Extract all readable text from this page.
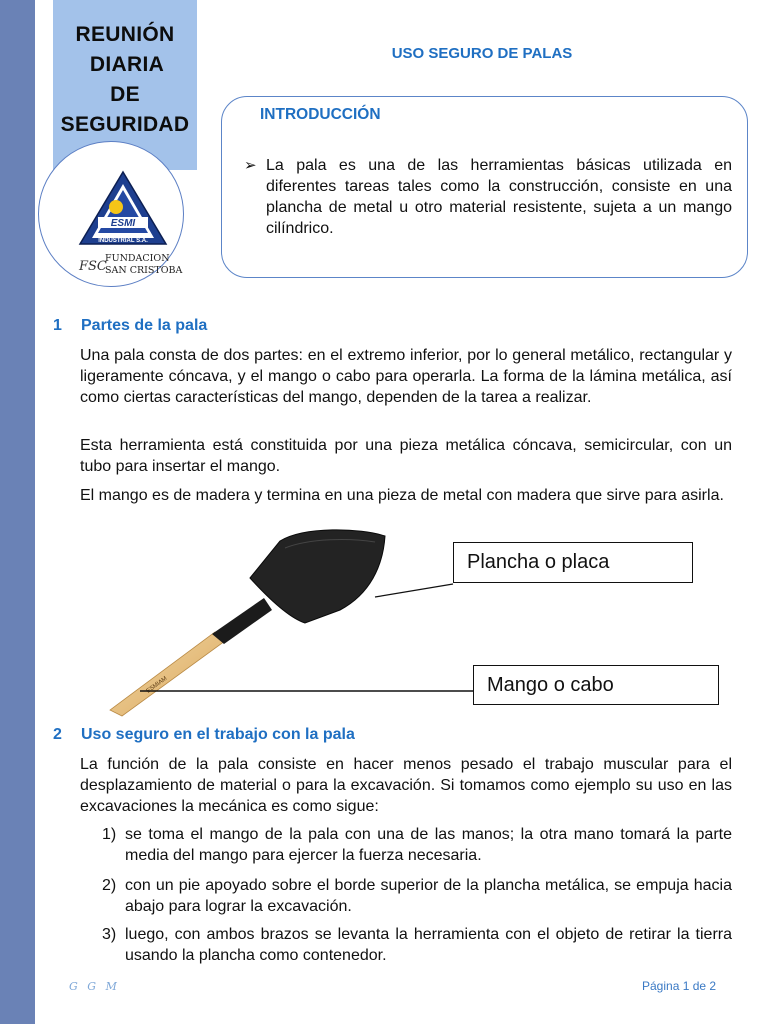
REUNIÓN
DIARIA
DE
SEGURIDAD
ESMI
INDUSTRIAL S.A.
FSC
FUNDACION
SAN CRISTOBA
USO SEGURO DE PALAS
INTRODUCCIÓN
➢ La pala es una de las herramientas básicas utilizada en diferentes tareas tales como la construcción, consiste en una plancha de metal u otro material resistente, sujeta a un mango cilíndrico.
1 Partes de la pala

Una pala consta de dos partes: en el extremo inferior, por lo general metálico, rectangular y ligeramente cóncava, y el mango o cabo para operarla. La forma de la lámina metálica, así como ciertas características del mango, dependen de la tarea a realizar.

Esta herramienta está constituida por una pieza metálica cóncava, semicircular, con un tubo para insertar el mango.

El mango es de madera y termina en una pieza de metal con madera que sirve para asirla.

ESMIAM
Plancha o placa
Mango o cabo
2 Uso seguro en el trabajo con la pala

La función de la pala consiste en hacer menos pesado el trabajo muscular para el desplazamiento de material o para la excavación. Si tomamos como ejemplo su uso en las excavaciones la mecánica es como sigue:

1) se toma el mango de la pala con una de las manos; la otra mano tomará la parte media del mango para ejercer la fuerza necesaria.
2) con un pie apoyado sobre el borde superior de la plancha metálica, se empuja hacia abajo para lograr la excavación.
3) luego, con ambos brazos se levanta la herramienta con el objeto de retirar la tierra usando la plancha como contenedor.
G G M	Página 1 de 2
